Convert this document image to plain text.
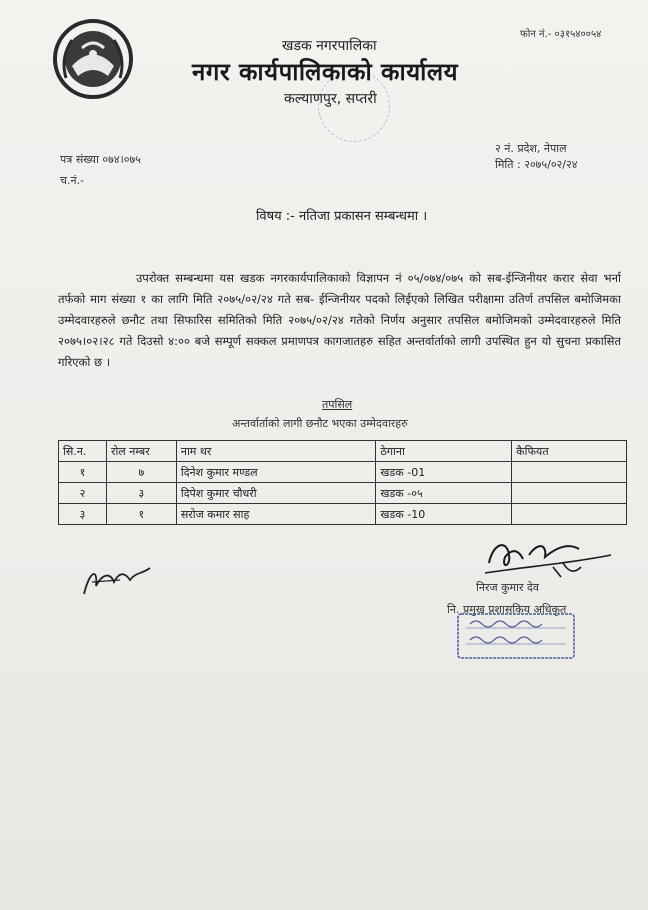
फोन नं.- ०३१५४००५४
खडक नगरपालिका
नगर कार्यपालिकाको कार्यालय
कल्याणपुर, सप्तरी
२ नं. प्रदेश, नेपाल
मिति : २०७५/०२/२४
पत्र संख्या ०७४।०७५
च.नं.-
विषय :- नतिजा प्रकासन सम्बन्धमा ।

उपरोक्त सम्बन्धमा यस खडक नगरकार्यपालिकाको विज्ञापन नं ०५/०७४/०७५ को सब-ईन्जिनीयर करार सेवा भर्ना तर्फको माग संख्या १ का लागि मिति २०७५/०२/२४ गते सब- ईन्जिनीयर पदको लिईएको लिखित परीक्षामा उतिर्ण तपसिल बमोजिमका उम्मेदवारहरुले छनौट तथा सिफारिस समितिको मिति २०७५/०२/२४ गतेको निर्णय अनुसार तपसिल बमोजिमको उम्मेदवारहरुले मिति २०७५।०२।२८ गते दिउसो ४:०० बजे सम्पूर्ण सक्कल प्रमाणपत्र कागजातहरु सहित अन्तर्वार्ताको लागी उपस्थित हुन यो सुचना प्रकासित गरिएको छ ।

तपसिल
अन्तर्वार्ताको लागी छनौट भएका उम्मेदवारहरु
सि.न.	रोल नम्बर	नाम थर	ठेगाना	कैफियत
१	७	दिनेश कुमार मण्डल	खडक -01	
२	३	दिपेश कुमार चौधरी	खडक -०५	
३	१	सरोज कमार साह	खडक -10	
निरज कुमार देव
नि. प्रमुख प्रशासकिय अधिकृत
